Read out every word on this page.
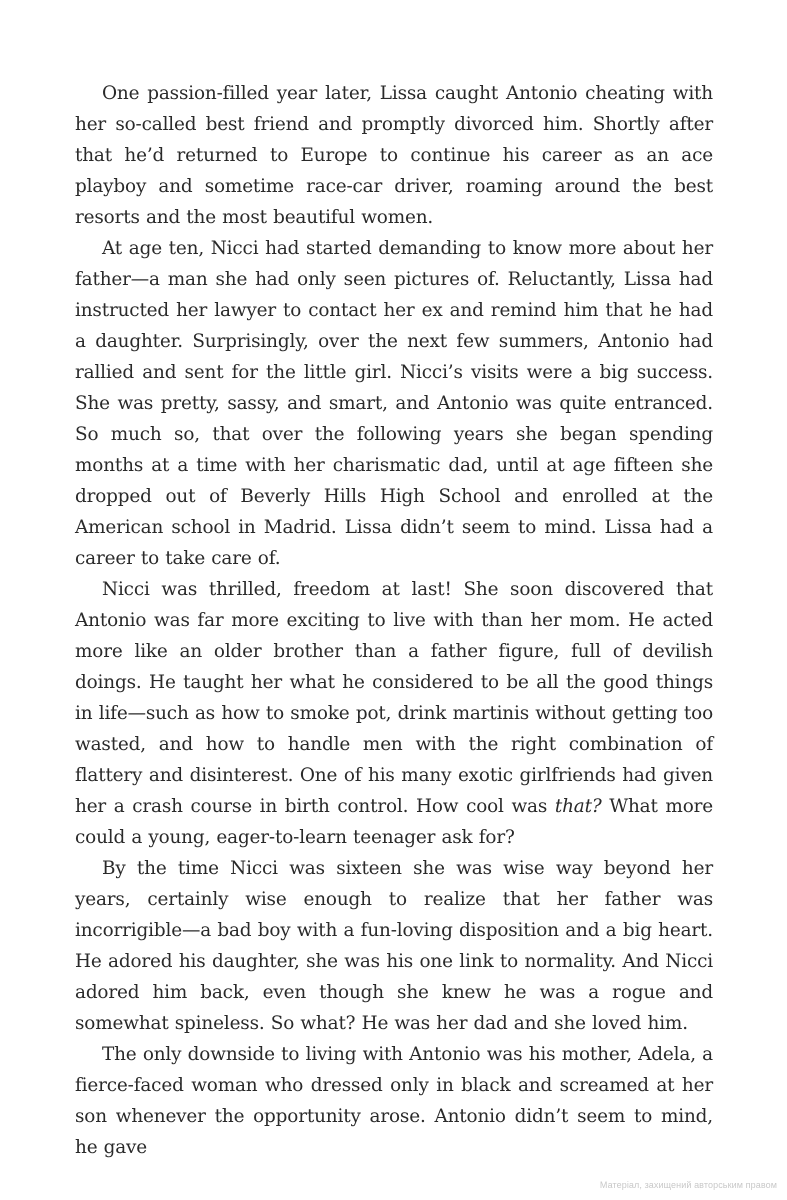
One passion-filled year later, Lissa caught Antonio cheating with her so-called best friend and promptly divorced him. Shortly after that he’d returned to Europe to continue his career as an ace playboy and sometime race-car driver, roaming around the best resorts and the most beautiful women.

At age ten, Nicci had started demanding to know more about her father—a man she had only seen pictures of. Reluctantly, Lissa had instructed her lawyer to contact her ex and remind him that he had a daughter. Surprisingly, over the next few summers, Antonio had rallied and sent for the little girl. Nicci’s visits were a big success. She was pretty, sassy, and smart, and Antonio was quite entranced. So much so, that over the following years she began spending months at a time with her charismatic dad, until at age fifteen she dropped out of Beverly Hills High School and enrolled at the American school in Madrid. Lissa didn’t seem to mind. Lissa had a career to take care of.

Nicci was thrilled, freedom at last! She soon discovered that Antonio was far more exciting to live with than her mom. He acted more like an older brother than a father figure, full of devilish doings. He taught her what he considered to be all the good things in life—such as how to smoke pot, drink martinis without getting too wasted, and how to handle men with the right combination of flattery and disinterest. One of his many exotic girlfriends had given her a crash course in birth control. How cool was that? What more could a young, eager-to-learn teenager ask for?

By the time Nicci was sixteen she was wise way beyond her years, certainly wise enough to realize that her father was incorrigible—a bad boy with a fun-loving disposition and a big heart. He adored his daughter, she was his one link to normality. And Nicci adored him back, even though she knew he was a rogue and somewhat spineless. So what? He was her dad and she loved him.

The only downside to living with Antonio was his mother, Adela, a fierce-faced woman who dressed only in black and screamed at her son whenever the opportunity arose. Antonio didn’t seem to mind, he gave

Матеріал, захищений авторським правом
